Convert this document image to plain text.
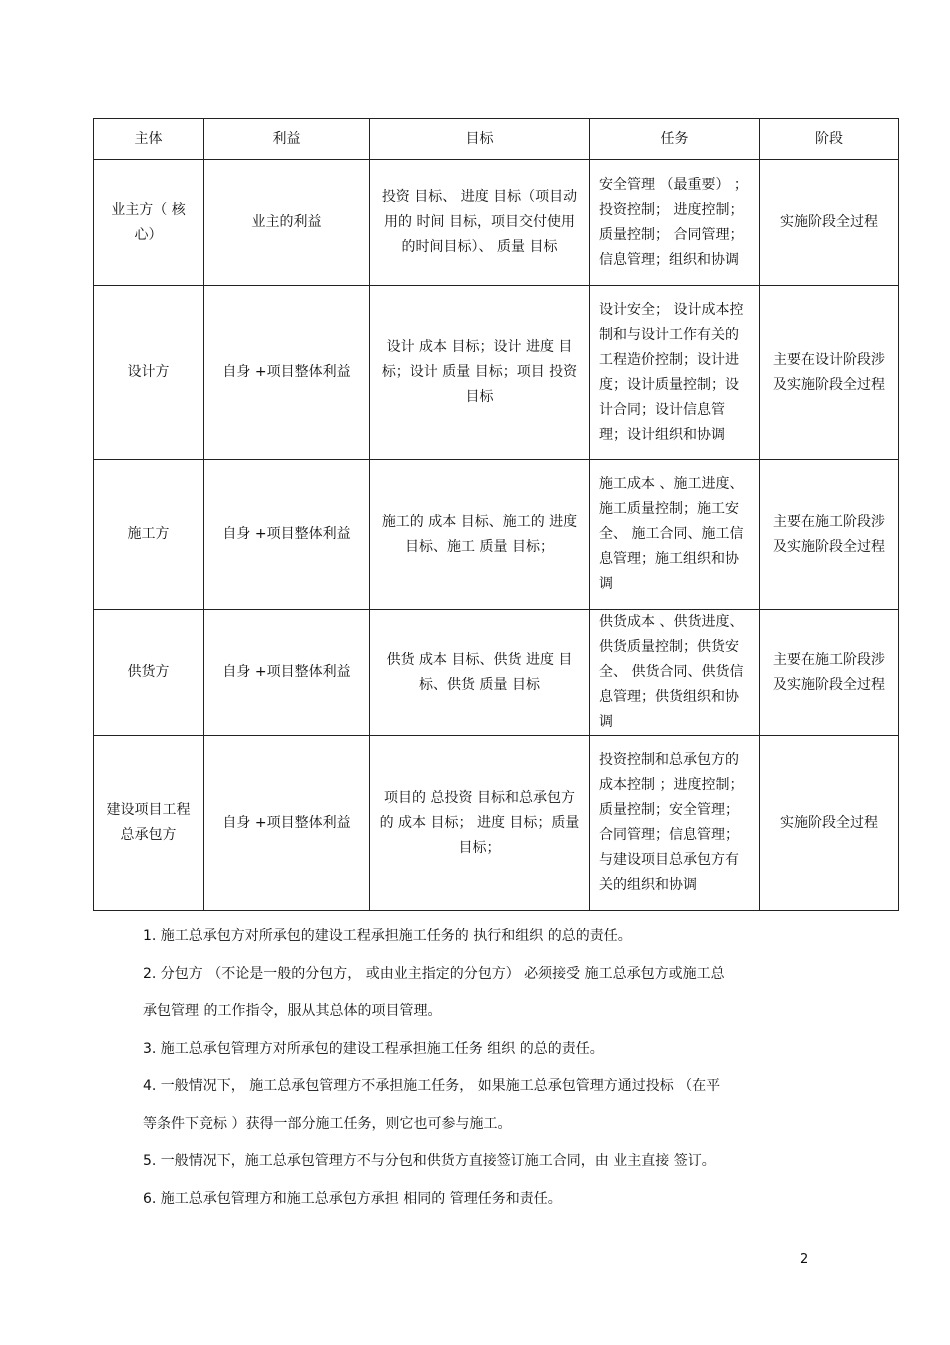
主体	利益	目标	任务	阶段
业主方（ 核心）	业主的利益	投资 目标、 进度 目标（项目动用的 时间 目标，项目交付使用的时间目标）、 质量 目标	安全管理 （最重要） ；投资控制； 进度控制；质量控制； 合同管理；信息管理；组织和协调	实施阶段全过程
设计方	自身 +项目整体利益	设计 成本 目标；设计 进度 目标；设计 质量 目标；项目 投资 目标	设计安全； 设计成本控制和与设计工作有关的工程造价控制；设计进度；设计质量控制；设计合同；设计信息管理；设计组织和协调	主要在设计阶段涉及实施阶段全过程
施工方	自身 +项目整体利益	施工的 成本 目标、施工的 进度 目标、施工 质量 目标；	施工成本 、施工进度、施工质量控制；施工安全、 施工合同、施工信息管理；施工组织和协调	主要在施工阶段涉及实施阶段全过程
供货方	自身 +项目整体利益	供货 成本 目标、供货 进度 目标、供货 质量 目标	供货成本 、供货进度、供货质量控制；供货安全、 供货合同、供货信息管理；供货组织和协调	主要在施工阶段涉及实施阶段全过程
建设项目工程总承包方	自身 +项目整体利益	项目的 总投资 目标和总承包方的 成本 目标； 进度 目标；质量 目标；	投资控制和总承包方的成本控制 ；进度控制；质量控制；安全管理；合同管理；信息管理；与建设项目总承包方有关的组织和协调	实施阶段全过程

1. 施工总承包方对所承包的建设工程承担施工任务的 执行和组织 的总的责任。

2. 分包方 （不论是一般的分包方， 或由业主指定的分包方） 必须接受 施工总承包方或施工总

承包管理 的工作指令，服从其总体的项目管理。

3. 施工总承包管理方对所承包的建设工程承担施工任务 组织 的总的责任。

4. 一般情况下， 施工总承包管理方不承担施工任务， 如果施工总承包管理方通过投标 （在平

等条件下竞标 ）获得一部分施工任务，则它也可参与施工。

5. 一般情况下，施工总承包管理方不与分包和供货方直接签订施工合同，由 业主直接 签订。

6. 施工总承包管理方和施工总承包方承担 相同的 管理任务和责任。

2
